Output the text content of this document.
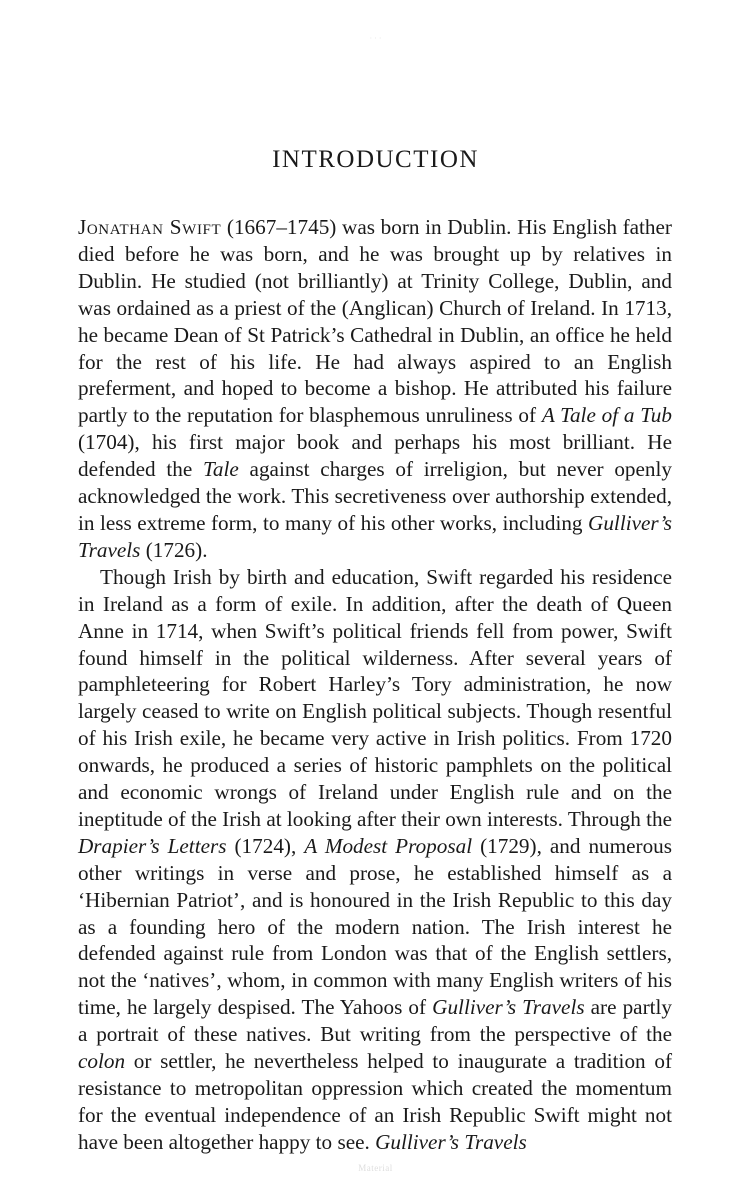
· · ·
INTRODUCTION

Jonathan Swift (1667–1745) was born in Dublin. His English father died before he was born, and he was brought up by relatives in Dublin. He studied (not brilliantly) at Trinity College, Dublin, and was ordained as a priest of the (Anglican) Church of Ireland. In 1713, he became Dean of St Patrick’s Cathedral in Dublin, an office he held for the rest of his life. He had always aspired to an English preferment, and hoped to become a bishop. He attributed his failure partly to the reputation for blasphemous unruliness of A Tale of a Tub (1704), his first major book and perhaps his most brilliant. He defended the Tale against charges of irreligion, but never openly acknowledged the work. This secretiveness over authorship extended, in less extreme form, to many of his other works, including Gulliver’s Travels (1726).

Though Irish by birth and education, Swift regarded his residence in Ireland as a form of exile. In addition, after the death of Queen Anne in 1714, when Swift’s political friends fell from power, Swift found himself in the political wilderness. After several years of pamphleteering for Robert Harley’s Tory administration, he now largely ceased to write on English political subjects. Though resentful of his Irish exile, he became very active in Irish politics. From 1720 onwards, he produced a series of historic pamphlets on the political and economic wrongs of Ireland under English rule and on the ineptitude of the Irish at looking after their own interests. Through the Drapier’s Letters (1724), A Modest Proposal (1729), and numerous other writings in verse and prose, he established himself as a ‘Hibernian Patriot’, and is honoured in the Irish Republic to this day as a founding hero of the modern nation. The Irish interest he defended against rule from London was that of the English settlers, not the ‘natives’, whom, in common with many English writers of his time, he largely despised. The Yahoos of Gulliver’s Travels are partly a portrait of these natives. But writing from the perspective of the colon or settler, he nevertheless helped to inaugurate a tradition of resistance to metropolitan oppression which created the momentum for the eventual independence of an Irish Republic Swift might not have been altogether happy to see. Gulliver’s Travels

Material
